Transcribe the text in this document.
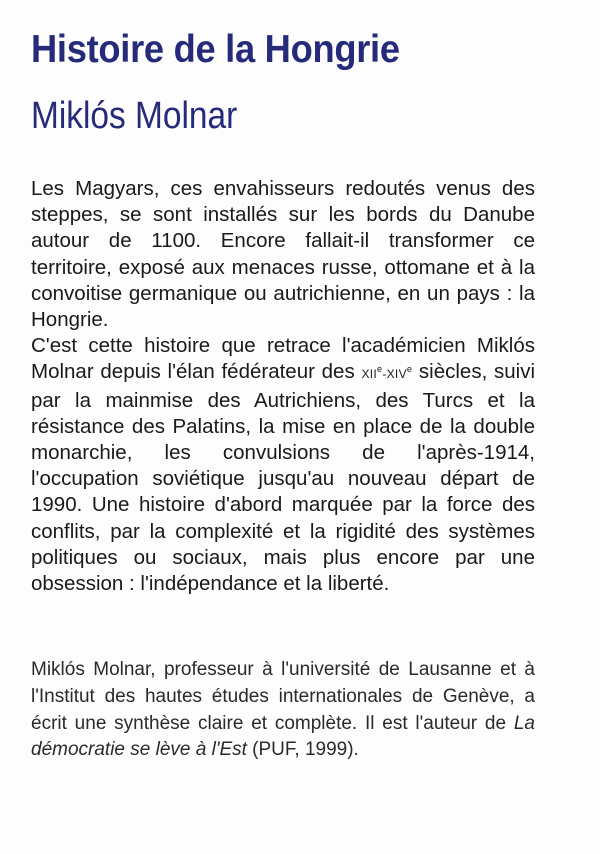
Histoire de la Hongrie
Miklós Molnar

Les Magyars, ces envahisseurs redoutés venus des steppes, se sont installés sur les bords du Danube autour de 1100. Encore fallait-il transformer ce territoire, exposé aux menaces russe, ottomane et à la convoitise germanique ou autrichienne, en un pays : la Hongrie.

C'est cette histoire que retrace l'académicien Miklós Molnar depuis l'élan fédérateur des XIIe-XIVe siècles, suivi par la mainmise des Autrichiens, des Turcs et la résistance des Palatins, la mise en place de la double monarchie, les convulsions de l'après-1914, l'occupation soviétique jusqu'au nouveau départ de 1990. Une histoire d'abord marquée par la force des conflits, par la complexité et la rigidité des systèmes politiques ou sociaux, mais plus encore par une obsession : l'indépendance et la liberté.

Miklós Molnar, professeur à l'université de Lausanne et à l'Institut des hautes études internationales de Genève, a écrit une synthèse claire et complète. Il est l'auteur de La démocratie se lève à l'Est (PUF, 1999).
